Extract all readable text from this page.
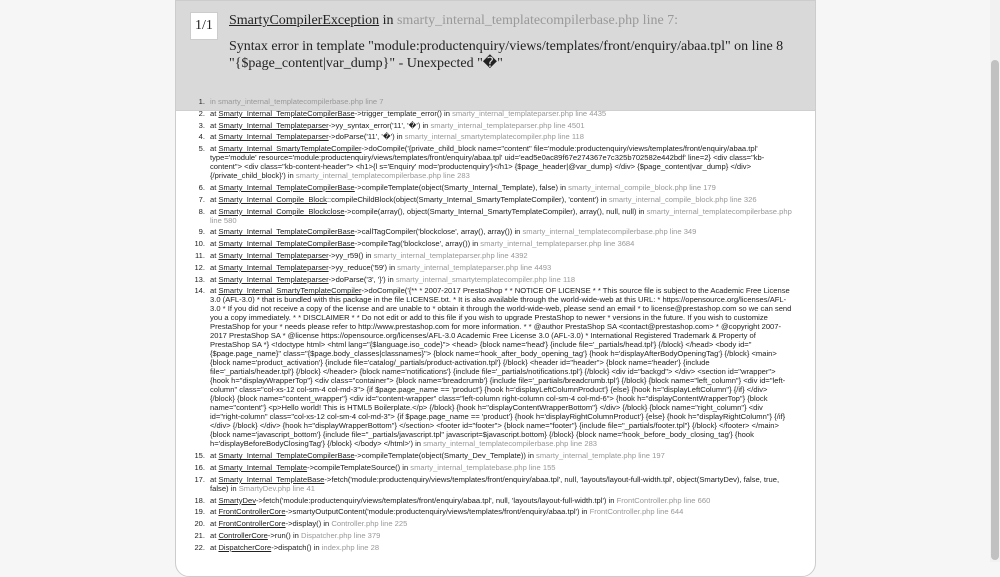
1/1	SmartyCompilerException in smarty_internal_templatecompilerbase.php line 7:
Syntax error in template "module:productenquiry/views/templates/front/enquiry/abaa.tpl" on line 8 "{$page_content|var_dump}" - Unexpected "�"
1. in smarty_internal_templatecompilerbase.php line 7
2. at Smarty_Internal_TemplateCompilerBase->trigger_template_error() in smarty_internal_templateparser.php line 4435
3. at Smarty_Internal_Templateparser->yy_syntax_error('11', '�') in smarty_internal_templateparser.php line 4501
4. at Smarty_Internal_Templateparser->doParse('11', '�') in smarty_internal_smartytemplatecompiler.php line 118
5. at Smarty_Internal_SmartyTemplateCompiler->doCompile('{private_child_block name="content" file='module:productenquiry/views/templates/front/enquiry/abaa.tpl' type='module' resource='module:productenquiry/views/templates/front/enquiry/abaa.tpl' uid='ead5e0ac89f67e274367e7c325b702582e442bdf' line=2} <div class="kb-content"> <div class="kb-content-header"> <h1>{l s='Enquiry' mod='productenquiry'}</h1> {$page_header|@var_dump} </div> {$page_content|var_dump} </div> {/private_child_block}') in smarty_internal_templatecompilerbase.php line 283
6. at Smarty_Internal_TemplateCompilerBase->compileTemplate(object(Smarty_Internal_Template), false) in smarty_internal_compile_block.php line 179
7. at Smarty_Internal_Compile_Block::compileChildBlock(object(Smarty_Internal_SmartyTemplateCompiler), 'content') in smarty_internal_compile_block.php line 326
8. at Smarty_Internal_Compile_Blockclose->compile(array(), object(Smarty_Internal_SmartyTemplateCompiler), array(), null, null) in smarty_internal_templatecompilerbase.php line 580
9. at Smarty_Internal_TemplateCompilerBase->callTagCompiler('blockclose', array(), array()) in smarty_internal_templatecompilerbase.php line 349
10. at Smarty_Internal_TemplateCompilerBase->compileTag('blockclose', array()) in smarty_internal_templateparser.php line 3684
11. at Smarty_Internal_Templateparser->yy_r59() in smarty_internal_templateparser.php line 4392
12. at Smarty_Internal_Templateparser->yy_reduce('59') in smarty_internal_templateparser.php line 4493
13. at Smarty_Internal_Templateparser->doParse('3', '}') in smarty_internal_smartytemplatecompiler.php line 118
14. at Smarty_Internal_SmartyTemplateCompiler->doCompile('{** * 2007-2017 PrestaShop * * NOTICE OF LICENSE * * This source file is subject to the Academic Free License 3.0 (AFL-3.0) * that is bundled with this package in the file LICENSE.txt. * It is also available through the world-wide-web at this URL: * https://opensource.org/licenses/AFL-3.0 * If you did not receive a copy of the license and are unable to * obtain it through the world-wide-web, please send an email * to license@prestashop.com so we can send you a copy immediately. * * DISCLAIMER * * Do not edit or add to this file if you wish to upgrade PrestaShop to newer * versions in the future. If you wish to customize PrestaShop for your * needs please refer to http://www.prestashop.com for more information. * * @author PrestaShop SA <contact@prestashop.com> * @copyright 2007-2017 PrestaShop SA * @license https://opensource.org/licenses/AFL-3.0 Academic Free License 3.0 (AFL-3.0) * International Registered Trademark & Property of PrestaShop SA *} <!doctype html> <html lang="{$language.iso_code}"> <head> {block name='head'} {include file='_partials/head.tpl'} {/block} </head> <body id="{$page.page_name}" class="{$page.body_classes|classnames}"> {block name='hook_after_body_opening_tag'} {hook h='displayAfterBodyOpeningTag'} {/block} <main> {block name='product_activation'} {include file='catalog/_partials/product-activation.tpl'} {/block} <header id="header"> {block name='header'} {include file='_partials/header.tpl'} {/block} </header> {block name='notifications'} {include file='_partials/notifications.tpl'} {/block} <div id="backgd"> </div> <section id="wrapper"> {hook h="displayWrapperTop"} <div class="container"> {block name='breadcrumb'} {include file='_partials/breadcrumb.tpl'} {/block} {block name="left_column"} <div id="left-column" class="col-xs-12 col-sm-4 col-md-3"> {if $page.page_name == 'product'} {hook h='displayLeftColumnProduct'} {else} {hook h="displayLeftColumn"} {/if} </div> {/block} {block name="content_wrapper"} <div id="content-wrapper" class="left-column right-column col-sm-4 col-md-6"> {hook h="displayContentWrapperTop"} {block name="content"} <p>Hello world! This is HTML5 Boilerplate.</p> {/block} {hook h="displayContentWrapperBottom"} </div> {/block} {block name="right_column"} <div id="right-column" class="col-xs-12 col-sm-4 col-md-3"> {if $page.page_name == 'product'} {hook h='displayRightColumnProduct'} {else} {hook h="displayRightColumn"} {/if} </div> {/block} </div> {hook h="displayWrapperBottom"} </section> <footer id="footer"> {block name="footer"} {include file="_partials/footer.tpl"} {/block} </footer> </main> {block name='javascript_bottom'} {include file="_partials/javascript.tpl" javascript=$javascript.bottom} {/block} {block name='hook_before_body_closing_tag'} {hook h='displayBeforeBodyClosingTag'} {/block} </body> </html>') in smarty_internal_templatecompilerbase.php line 283
15. at Smarty_Internal_TemplateCompilerBase->compileTemplate(object(Smarty_Dev_Template)) in smarty_internal_template.php line 197
16. at Smarty_Internal_Template->compileTemplateSource() in smarty_internal_templatebase.php line 155
17. at Smarty_Internal_TemplateBase->fetch('module:productenquiry/views/templates/front/enquiry/abaa.tpl', null, 'layouts/layout-full-width.tpl', object(SmartyDev), false, true, false) in SmartyDev.php line 41
18. at SmartyDev->fetch('module:productenquiry/views/templates/front/enquiry/abaa.tpl', null, 'layouts/layout-full-width.tpl') in FrontController.php line 660
19. at FrontControllerCore->smartyOutputContent('module:productenquiry/views/templates/front/enquiry/abaa.tpl') in FrontController.php line 644
20. at FrontControllerCore->display() in Controller.php line 225
21. at ControllerCore->run() in Dispatcher.php line 379
22. at DispatcherCore->dispatch() in index.php line 28
